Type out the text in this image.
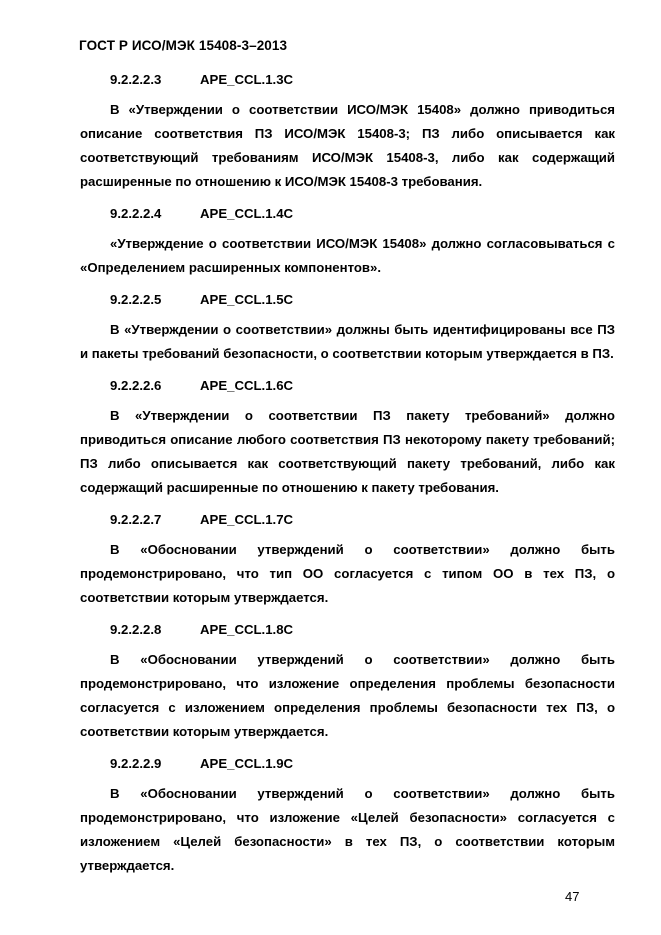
ГОСТ Р ИСО/МЭК 15408-3–2013
9.2.2.2.3	APE_CCL.1.3C

В «Утверждении о соответствии ИСО/МЭК 15408» должно приводиться описание соответствия ПЗ ИСО/МЭК 15408-3; ПЗ либо описывается как соответствующий требованиям ИСО/МЭК 15408-3, либо как содержащий расширенные по отношению к ИСО/МЭК 15408-3 требования.

9.2.2.2.4	APE_CCL.1.4C

«Утверждение о соответствии ИСО/МЭК 15408» должно согласовываться с «Определением расширенных компонентов».

9.2.2.2.5	APE_CCL.1.5C

В «Утверждении о соответствии» должны быть идентифицированы все ПЗ и пакеты требований безопасности, о соответствии которым утверждается в ПЗ.

9.2.2.2.6	APE_CCL.1.6C

В «Утверждении о соответствии ПЗ пакету требований» должно приводиться описание любого соответствия ПЗ некоторому пакету требований; ПЗ либо описывается как соответствующий пакету требований, либо как содержащий расширенные по отношению к пакету требования.

9.2.2.2.7	APE_CCL.1.7C

В «Обосновании утверждений о соответствии» должно быть продемонстрировано, что тип ОО согласуется с типом ОО в тех ПЗ, о соответствии которым утверждается.

9.2.2.2.8	APE_CCL.1.8C

В «Обосновании утверждений о соответствии» должно быть продемонстрировано, что изложение определения проблемы безопасности согласуется с изложением определения проблемы безопасности тех ПЗ, о соответствии которым утверждается.

9.2.2.2.9	APE_CCL.1.9C

В «Обосновании утверждений о соответствии» должно быть продемонстрировано, что изложение «Целей безопасности» согласуется с изложением «Целей безопасности» в тех ПЗ, о соответствии которым утверждается.

47
